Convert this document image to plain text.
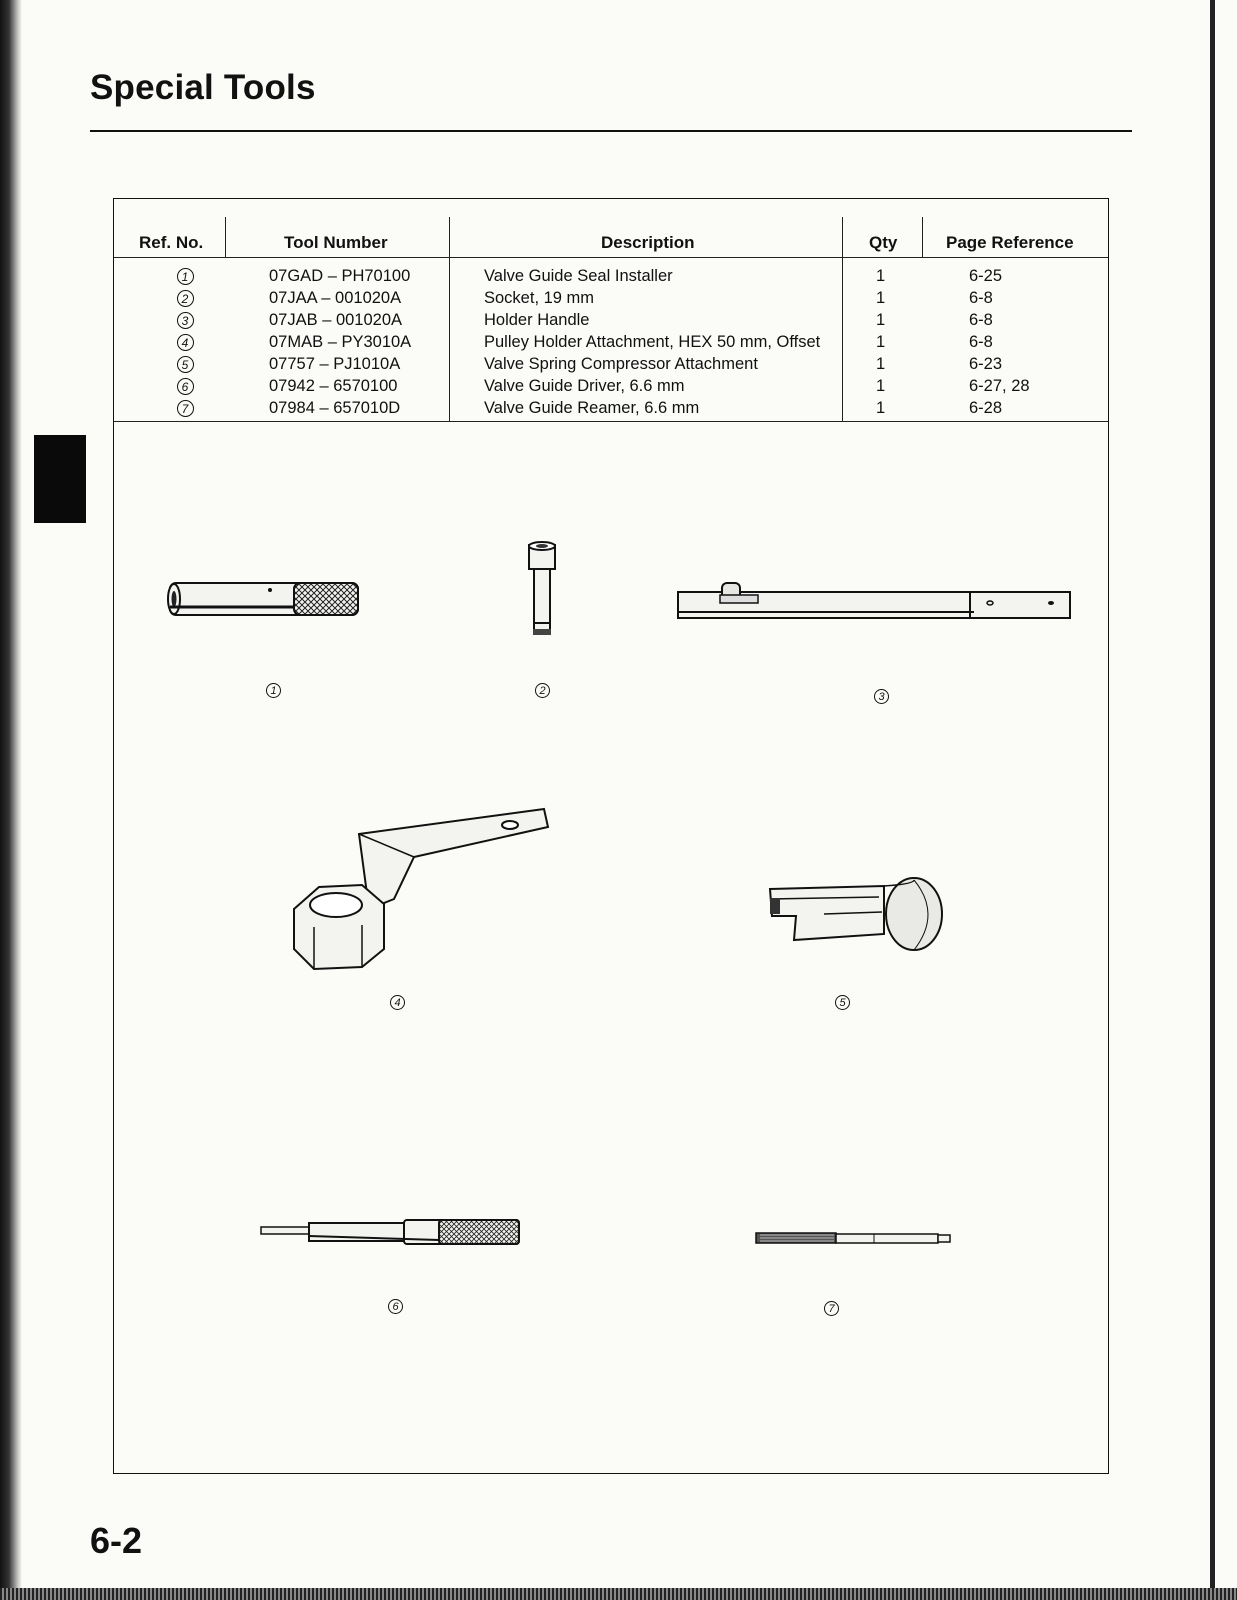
Special Tools
Ref. No.	Tool Number	Description	Qty	Page Reference
1	07GAD – PH70100	Valve Guide Seal Installer	1	6-25
2	07JAA – 001020A	Socket, 19 mm	1	6-8
3	07JAB – 001020A	Holder Handle	1	6-8
4	07MAB – PY3010A	Pulley Holder Attachment, HEX 50 mm, Offset	1	6-8
5	07757 – PJ1010A	Valve Spring Compressor Attachment	1	6-23
6	07942 – 6570100	Valve Guide Driver, 6.6 mm	1	6-27, 28
7	07984 – 657010D	Valve Guide Reamer, 6.6 mm	1	6-28
1	2	3
4	5
6	7
6-2
